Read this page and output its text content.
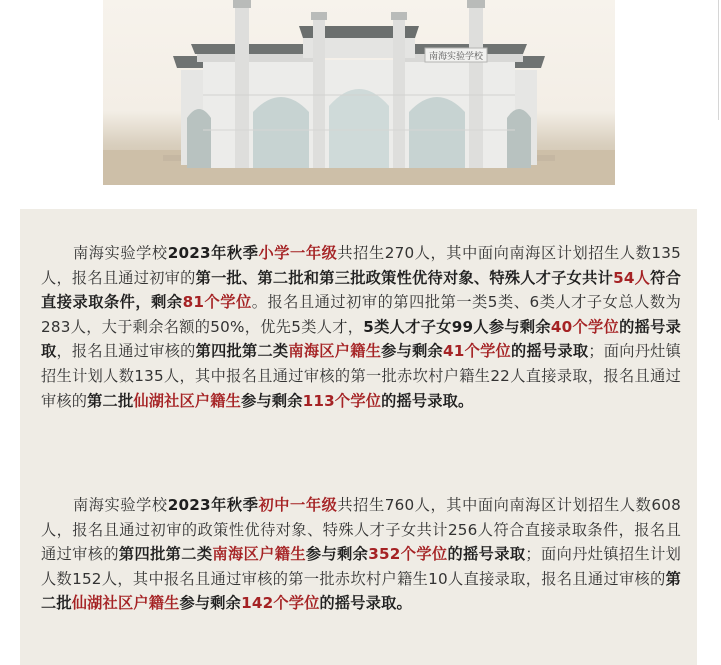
南海实验学校

南海实验学校2023年秋季小学一年级共招生270人，其中面向南海区计划招生人数135人，报名且通过初审的第一批、第二批和第三批政策性优待对象、特殊人才子女共计54人符合直接录取条件，剩余81个学位。报名且通过初审的第四批第一类5类、6类人才子女总人数为283人，大于剩余名额的50%，优先5类人才，5类人才子女99人参与剩余40个学位的摇号录取，报名且通过审核的第四批第二类南海区户籍生参与剩余41个学位的摇号录取；面向丹灶镇招生计划人数135人，其中报名且通过审核的第一批赤坎村户籍生22人直接录取，报名且通过审核的第二批仙湖社区户籍生参与剩余113个学位的摇号录取。

南海实验学校2023年秋季初中一年级共招生760人，其中面向南海区计划招生人数608人，报名且通过初审的政策性优待对象、特殊人才子女共计256人符合直接录取条件，报名且通过审核的第四批第二类南海区户籍生参与剩余352个学位的摇号录取；面向丹灶镇招生计划人数152人，其中报名且通过审核的第一批赤坎村户籍生10人直接录取，报名且通过审核的第二批仙湖社区户籍生参与剩余142个学位的摇号录取。
